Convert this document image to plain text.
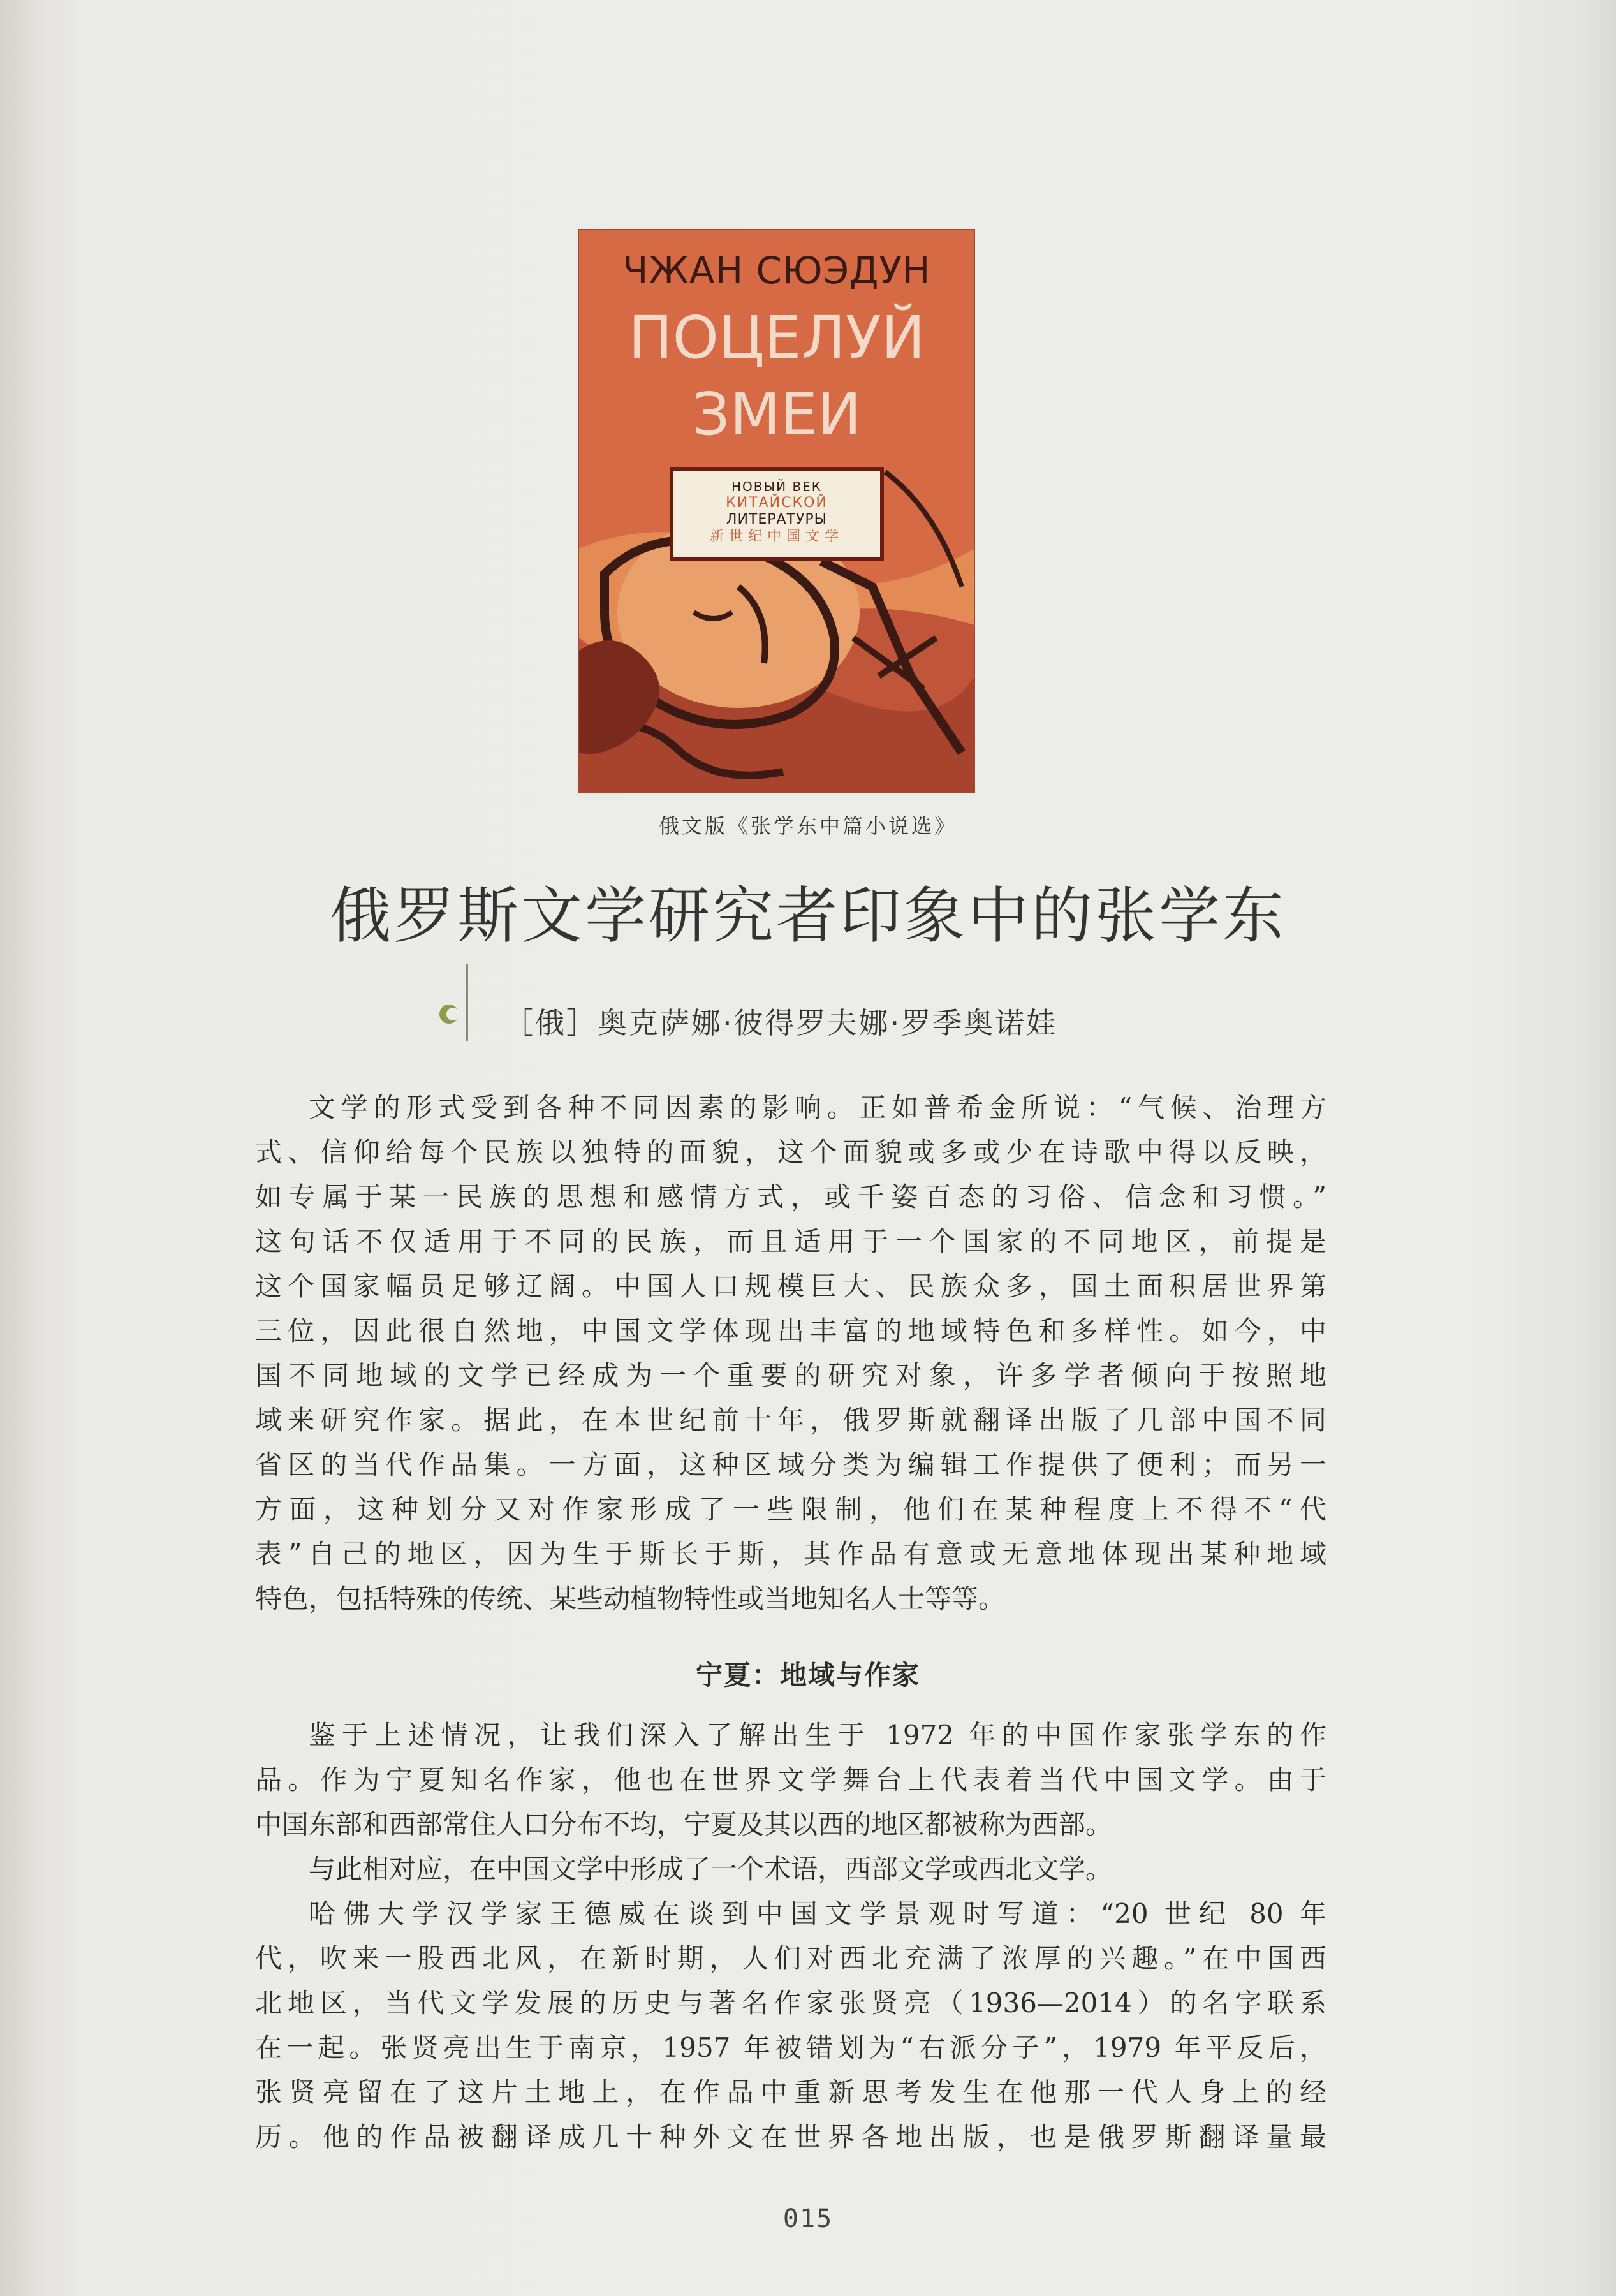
ЧЖАН СЮЭДУН
ПОЦЕЛУЙ
ЗМЕИ
НОВЫЙ ВЕК
КИТАЙСКОЙ
ЛИТЕРАТУРЫ
新世纪中国文学
俄文版《张学东中篇小说选》
俄罗斯文学研究者印象中的张学东
［俄］奥克萨娜·彼得罗夫娜·罗季奥诺娃

文学的形式受到各种不同因素的影响。正如普希金所说：“气候、治理方
式、信仰给每个民族以独特的面貌，这个面貌或多或少在诗歌中得以反映，
如专属于某一民族的思想和感情方式，或千姿百态的习俗、信念和习惯。”
这句话不仅适用于不同的民族，而且适用于一个国家的不同地区，前提是
这个国家幅员足够辽阔。中国人口规模巨大、民族众多，国土面积居世界第
三位，因此很自然地，中国文学体现出丰富的地域特色和多样性。如今，中
国不同地域的文学已经成为一个重要的研究对象，许多学者倾向于按照地
域来研究作家。据此，在本世纪前十年，俄罗斯就翻译出版了几部中国不同
省区的当代作品集。一方面，这种区域分类为编辑工作提供了便利；而另一
方面，这种划分又对作家形成了一些限制，他们在某种程度上不得不“代
表”自己的地区，因为生于斯长于斯，其作品有意或无意地体现出某种地域
特色，包括特殊的传统、某些动植物特性或当地知名人士等等。

宁夏：地域与作家

鉴于上述情况，让我们深入了解出生于 1972 年的中国作家张学东的作
品。作为宁夏知名作家，他也在世界文学舞台上代表着当代中国文学。由于
中国东部和西部常住人口分布不均，宁夏及其以西的地区都被称为西部。

与此相对应，在中国文学中形成了一个术语，西部文学或西北文学。

哈佛大学汉学家王德威在谈到中国文学景观时写道：“20 世纪 80 年
代，吹来一股西北风，在新时期，人们对西北充满了浓厚的兴趣。”在中国西
北地区，当代文学发展的历史与著名作家张贤亮（1936—2014）的名字联系
在一起。张贤亮出生于南京，1957 年被错划为“右派分子”，1979 年平反后，
张贤亮留在了这片土地上，在作品中重新思考发生在他那一代人身上的经
历。他的作品被翻译成几十种外文在世界各地出版，也是俄罗斯翻译量最

015
